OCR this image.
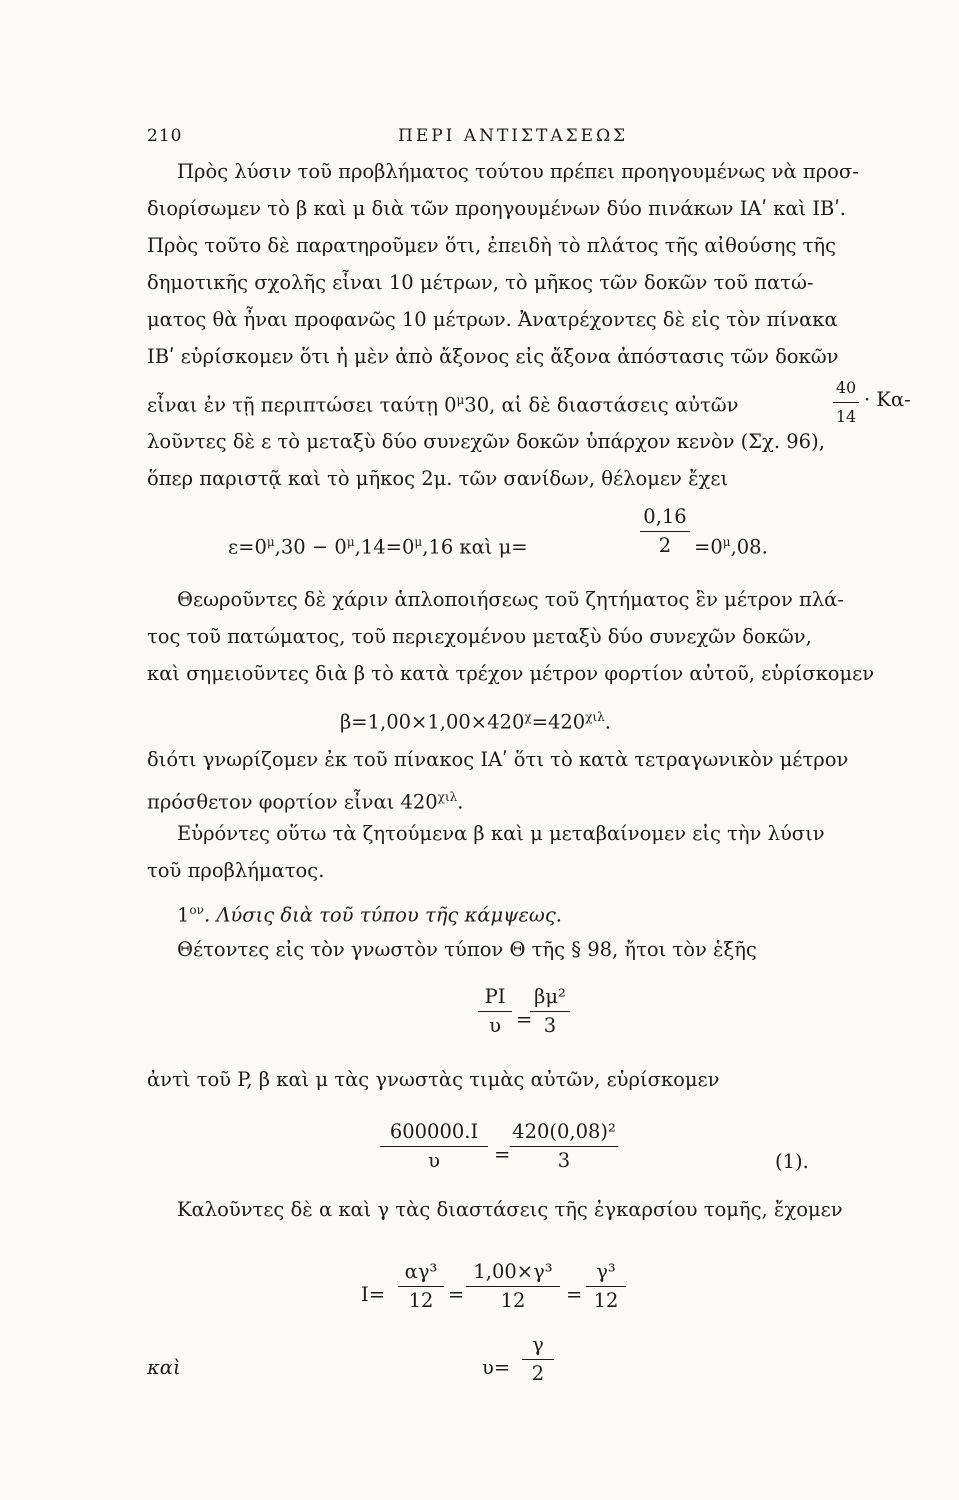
210	ΠΕΡΙ ΑΝΤΙΣΤΑΣΕΩΣ
Πρὸς λύσιν τοῦ προβλήματος τούτου πρέπει προηγουμένως νὰ προσ-
διορίσωμεν τὸ β καὶ μ διὰ τῶν προηγουμένων δύο πινάκων ΙΑʹ καὶ ΙΒʹ.
Πρὸς τοῦτο δὲ παρατηροῦμεν ὅτι, ἐπειδὴ τὸ πλάτος τῆς αἰθούσης τῆς
δημοτικῆς σχολῆς εἶναι 10 μέτρων, τὸ μῆκος τῶν δοκῶν τοῦ πατώ-
ματος θὰ ἦναι προφανῶς 10 μέτρων. Ἀνατρέχοντες δὲ εἰς τὸν πίνακα
ΙΒʹ εὑρίσκομεν ὅτι ἡ μὲν ἀπὸ ἄξονος εἰς ἄξονα ἀπόστασις τῶν δοκῶν
εἶναι ἐν τῇ περιπτώσει ταύτῃ $0^\mu 30$, αἱ δὲ διαστάσεις αὐτῶν	$\frac{40}{14} \cdot K\alpha-$
λοῦντες δὲ ε τὸ μεταξὺ δύο συνεχῶν δοκῶν ὑπάρχον κενὸν (Σχ. 96),
ὅπερ παριστᾷ καὶ τὸ μῆκος 2μ. τῶν σανίδων, θέλομεν ἔχει
$\varepsilon=0^\mu,30 - 0^\mu,14=0^\mu,16$ καὶ μ=	$\frac{0,16}{2} =0^\mu,08$.
Θεωροῦντες δὲ χάριν ἁπλοποιήσεως τοῦ ζητήματος ἓν μέτρον πλά-
τος τοῦ πατώματος, τοῦ περιεχομένου μεταξὺ δύο συνεχῶν δοκῶν,
καὶ σημειοῦντες διὰ β τὸ κατὰ τρέχον μέτρον φορτίον αὐτοῦ, εὑρίσκομεν
$\beta=1,00\times 1,00\times 420^\chi=420^{\chi\iota\lambda}$.
διότι γνωρίζομεν ἐκ τοῦ πίνακος ΙΑʹ ὅτι τὸ κατὰ τετραγωνικὸν μέτρον
πρόσθετον φορτίον εἶναι $420^{\chi\iota\lambda}$.
Εὑρόντες οὕτω τὰ ζητούμενα β καὶ μ μεταβαίνομεν εἰς τὴν λύσιν
τοῦ προβλήματος.
$1^{o\nu}$. Λύσις διὰ τοῦ τύπου τῆς κάμψεως.
Θέτοντες εἰς τὸν γνωστὸν τύπον Θ τῆς § 98, ἤτοι τὸν ἑξῆς
$\frac{PI}{\upsilon}$ =
$\frac{\text{βμ²}}{3}$
ἀντὶ τοῦ P, β καὶ μ τὰς γνωστὰς τιμὰς αὐτῶν, εὑρίσκομεν
$\frac{600000.I}{\upsilon} = \frac{\text{420(0,08)²}}{3}$	(1).
Καλοῦντες δὲ α καὶ γ τὰς διαστάσεις τῆς ἐγκαρσίου τομῆς, ἔχομεν
$I= \frac{\text{αγ³}}{12} = \frac{\text{1,00×γ³}}{12} = \frac{\text{γ³}}{12}$
καὶ	$\upsilon= \frac{\gamma}{2}$
